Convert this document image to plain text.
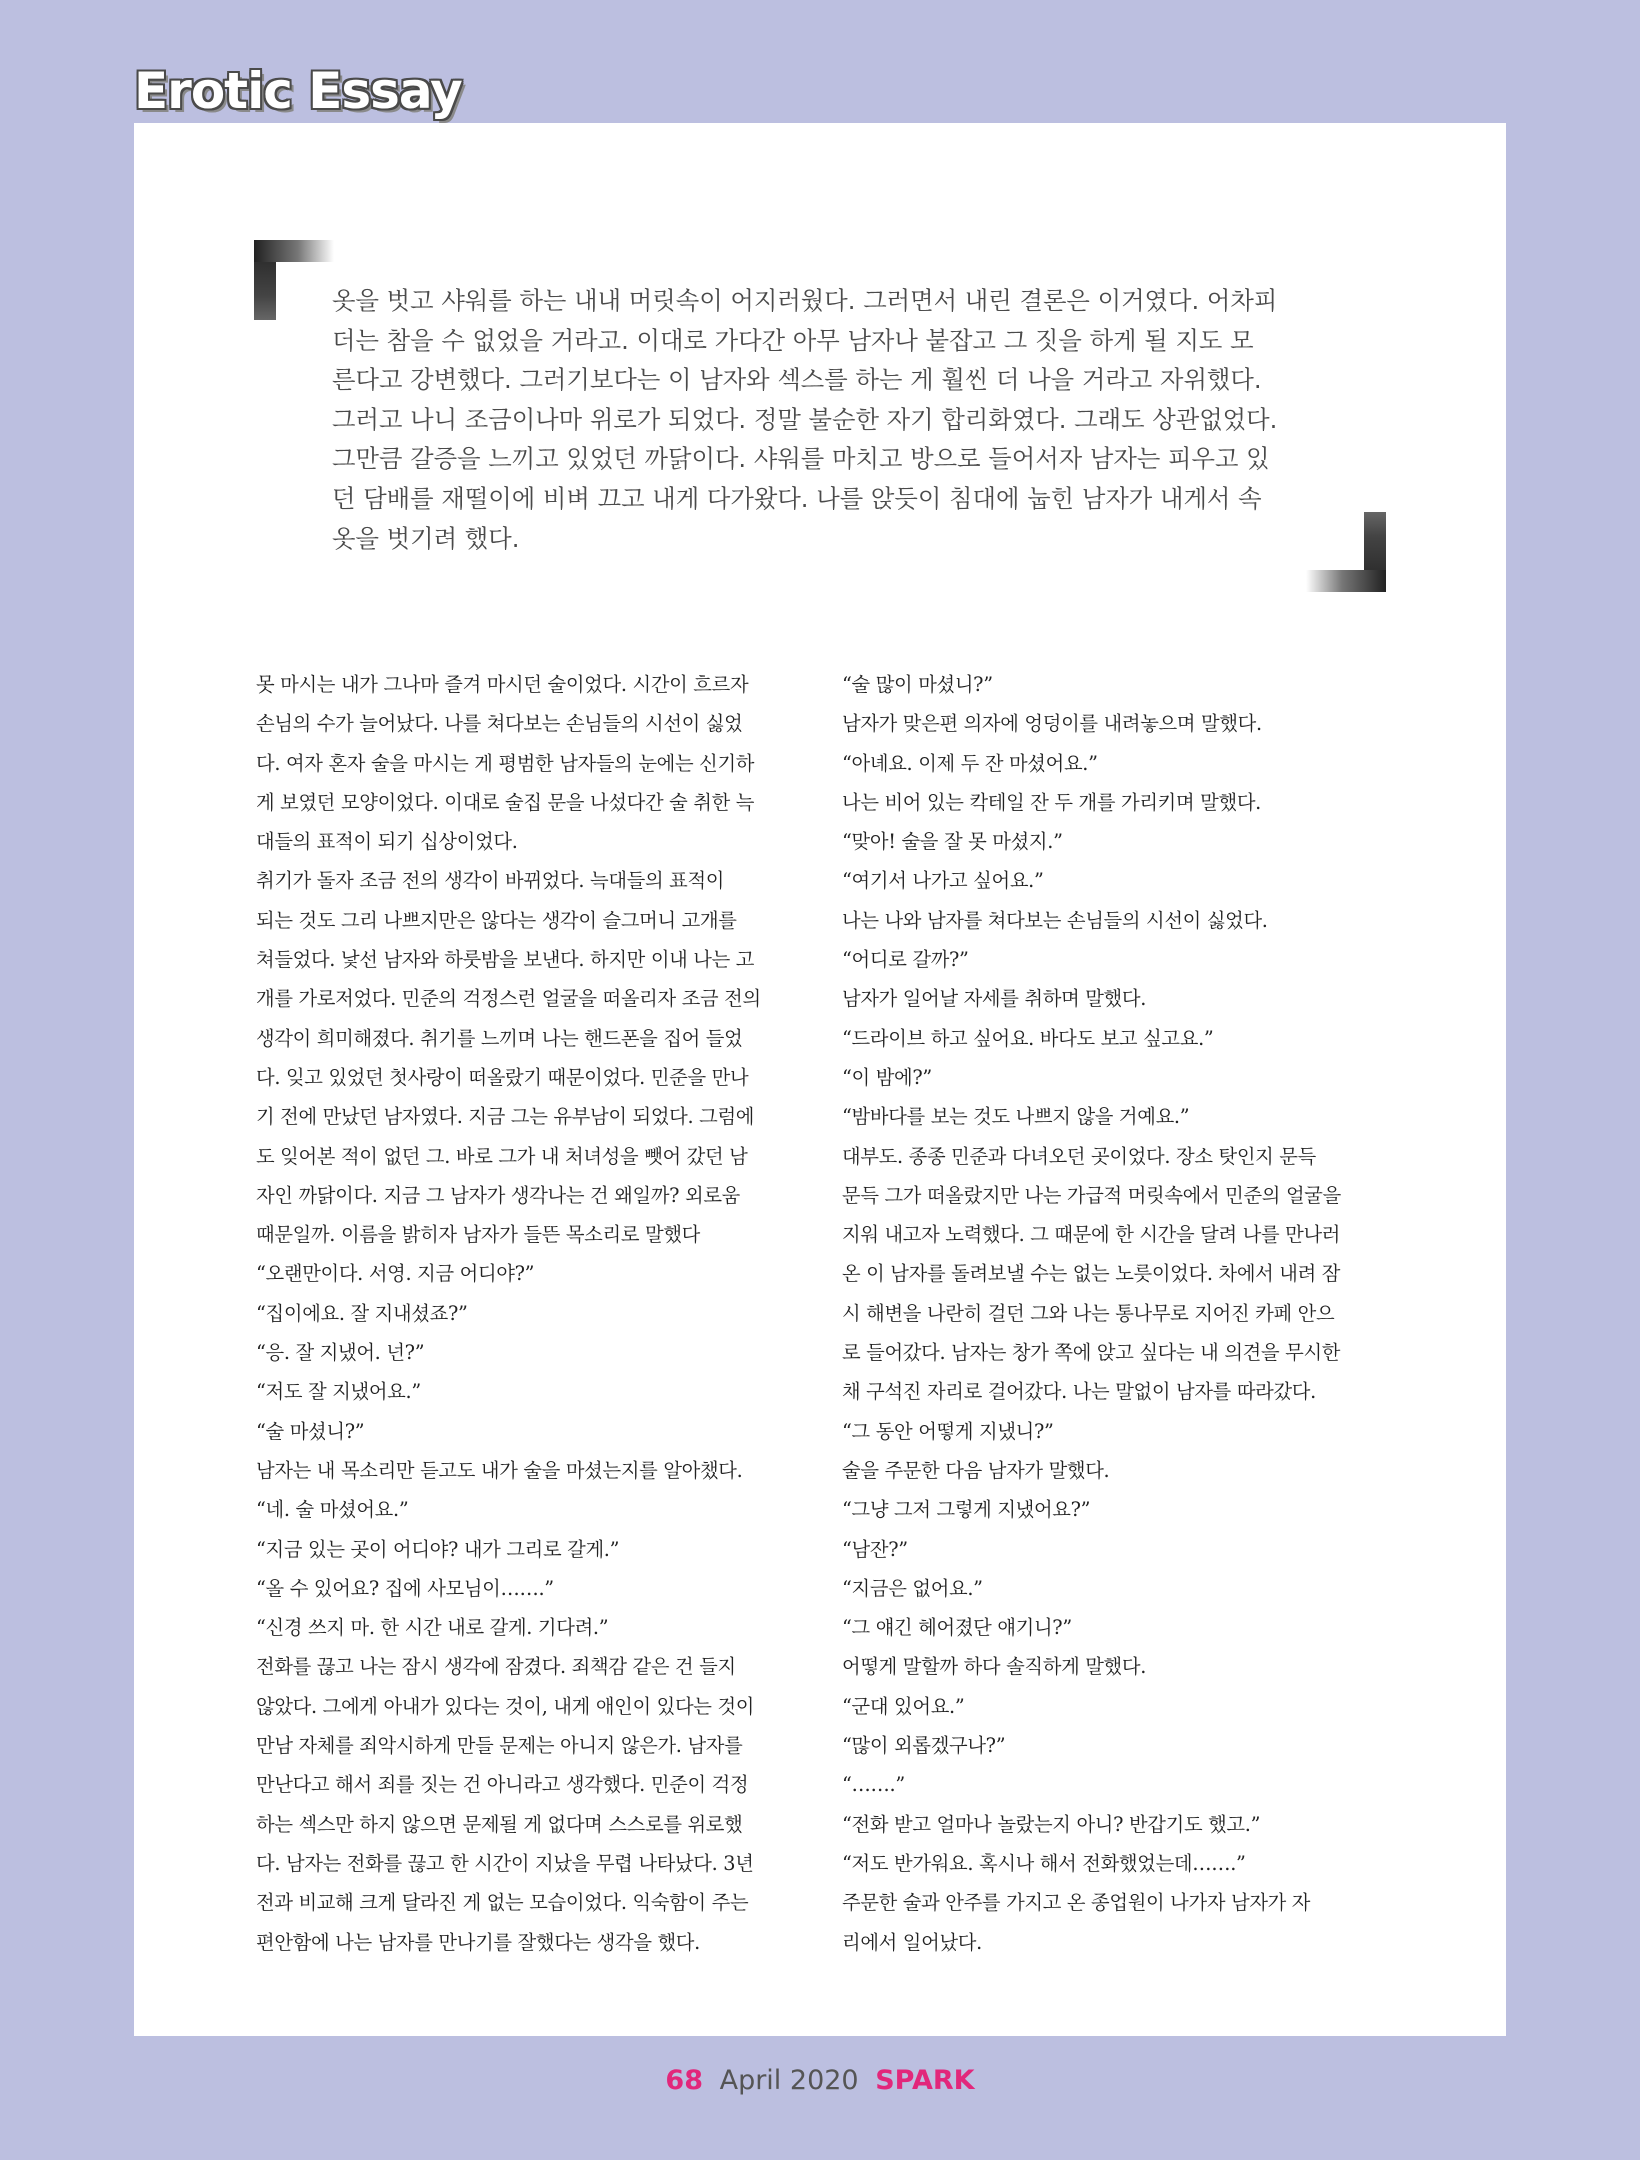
Erotic Essay
옷을 벗고 샤워를 하는 내내 머릿속이 어지러웠다. 그러면서 내린 결론은 이거였다. 어차피
더는 참을 수 없었을 거라고. 이대로 가다간 아무 남자나 붙잡고 그 짓을 하게 될 지도 모
른다고 강변했다. 그러기보다는 이 남자와 섹스를 하는 게 훨씬 더 나을 거라고 자위했다.
그러고 나니 조금이나마 위로가 되었다. 정말 불순한 자기 합리화였다. 그래도 상관없었다.
그만큼 갈증을 느끼고 있었던 까닭이다. 샤워를 마치고 방으로 들어서자 남자는 피우고 있
던 담배를 재떨이에 비벼 끄고 내게 다가왔다. 나를 앉듯이 침대에 눕힌 남자가 내게서 속
옷을 벗기려 했다.
못 마시는 내가 그나마 즐겨 마시던 술이었다. 시간이 흐르자
손님의 수가 늘어났다. 나를 쳐다보는 손님들의 시선이 싫었
다. 여자 혼자 술을 마시는 게 평범한 남자들의 눈에는 신기하
게 보였던 모양이었다. 이대로 술집 문을 나섰다간 술 취한 늑
대들의 표적이 되기 십상이었다.
취기가 돌자 조금 전의 생각이 바뀌었다. 늑대들의 표적이
되는 것도 그리 나쁘지만은 않다는 생각이 슬그머니 고개를
쳐들었다. 낯선 남자와 하룻밤을 보낸다. 하지만 이내 나는 고
개를 가로저었다. 민준의 걱정스런 얼굴을 떠올리자 조금 전의
생각이 희미해졌다. 취기를 느끼며 나는 핸드폰을 집어 들었
다. 잊고 있었던 첫사랑이 떠올랐기 때문이었다. 민준을 만나
기 전에 만났던 남자였다. 지금 그는 유부남이 되었다. 그럼에
도 잊어본 적이 없던 그. 바로 그가 내 처녀성을 뺏어 갔던 남
자인 까닭이다. 지금 그 남자가 생각나는 건 왜일까? 외로움
때문일까. 이름을 밝히자 남자가 들뜬 목소리로 말했다
“오랜만이다. 서영. 지금 어디야?”
“집이에요. 잘 지내셨죠?”
“응. 잘 지냈어. 넌?”
“저도 잘 지냈어요.”
“술 마셨니?”
남자는 내 목소리만 듣고도 내가 술을 마셨는지를 알아챘다.
“네. 술 마셨어요.”
“지금 있는 곳이 어디야? 내가 그리로 갈게.”
“올 수 있어요? 집에 사모님이…….”
“신경 쓰지 마. 한 시간 내로 갈게. 기다려.”
전화를 끊고 나는 잠시 생각에 잠겼다. 죄책감 같은 건 들지
않았다. 그에게 아내가 있다는 것이, 내게 애인이 있다는 것이
만남 자체를 죄악시하게 만들 문제는 아니지 않은가. 남자를
만난다고 해서 죄를 짓는 건 아니라고 생각했다. 민준이 걱정
하는 섹스만 하지 않으면 문제될 게 없다며 스스로를 위로했
다. 남자는 전화를 끊고 한 시간이 지났을 무렵 나타났다. 3년
전과 비교해 크게 달라진 게 없는 모습이었다. 익숙함이 주는
편안함에 나는 남자를 만나기를 잘했다는 생각을 했다.
“술 많이 마셨니?”
남자가 맞은편 의자에 엉덩이를 내려놓으며 말했다.
“아녜요. 이제 두 잔 마셨어요.”
나는 비어 있는 칵테일 잔 두 개를 가리키며 말했다.
“맞아! 술을 잘 못 마셨지.”
“여기서 나가고 싶어요.”
나는 나와 남자를 쳐다보는 손님들의 시선이 싫었다.
“어디로 갈까?”
남자가 일어날 자세를 취하며 말했다.
“드라이브 하고 싶어요. 바다도 보고 싶고요.”
“이 밤에?”
“밤바다를 보는 것도 나쁘지 않을 거예요.”
대부도. 종종 민준과 다녀오던 곳이었다. 장소 탓인지 문득
문득 그가 떠올랐지만 나는 가급적 머릿속에서 민준의 얼굴을
지워 내고자 노력했다. 그 때문에 한 시간을 달려 나를 만나러
온 이 남자를 돌려보낼 수는 없는 노릇이었다. 차에서 내려 잠
시 해변을 나란히 걸던 그와 나는 통나무로 지어진 카페 안으
로 들어갔다. 남자는 창가 쪽에 앉고 싶다는 내 의견을 무시한
채 구석진 자리로 걸어갔다. 나는 말없이 남자를 따라갔다.
“그 동안 어떻게 지냈니?”
술을 주문한 다음 남자가 말했다.
“그냥 그저 그렇게 지냈어요?”
“남잔?”
“지금은 없어요.”
“그 얘긴 헤어졌단 얘기니?”
어떻게 말할까 하다 솔직하게 말했다.
“군대 있어요.”
“많이 외롭겠구나?”
“…….”
“전화 받고 얼마나 놀랐는지 아니? 반갑기도 했고.”
“저도 반가워요. 혹시나 해서 전화했었는데…….”
주문한 술과 안주를 가지고 온 종업원이 나가자 남자가 자
리에서 일어났다.
68 April 2020 SPARK
